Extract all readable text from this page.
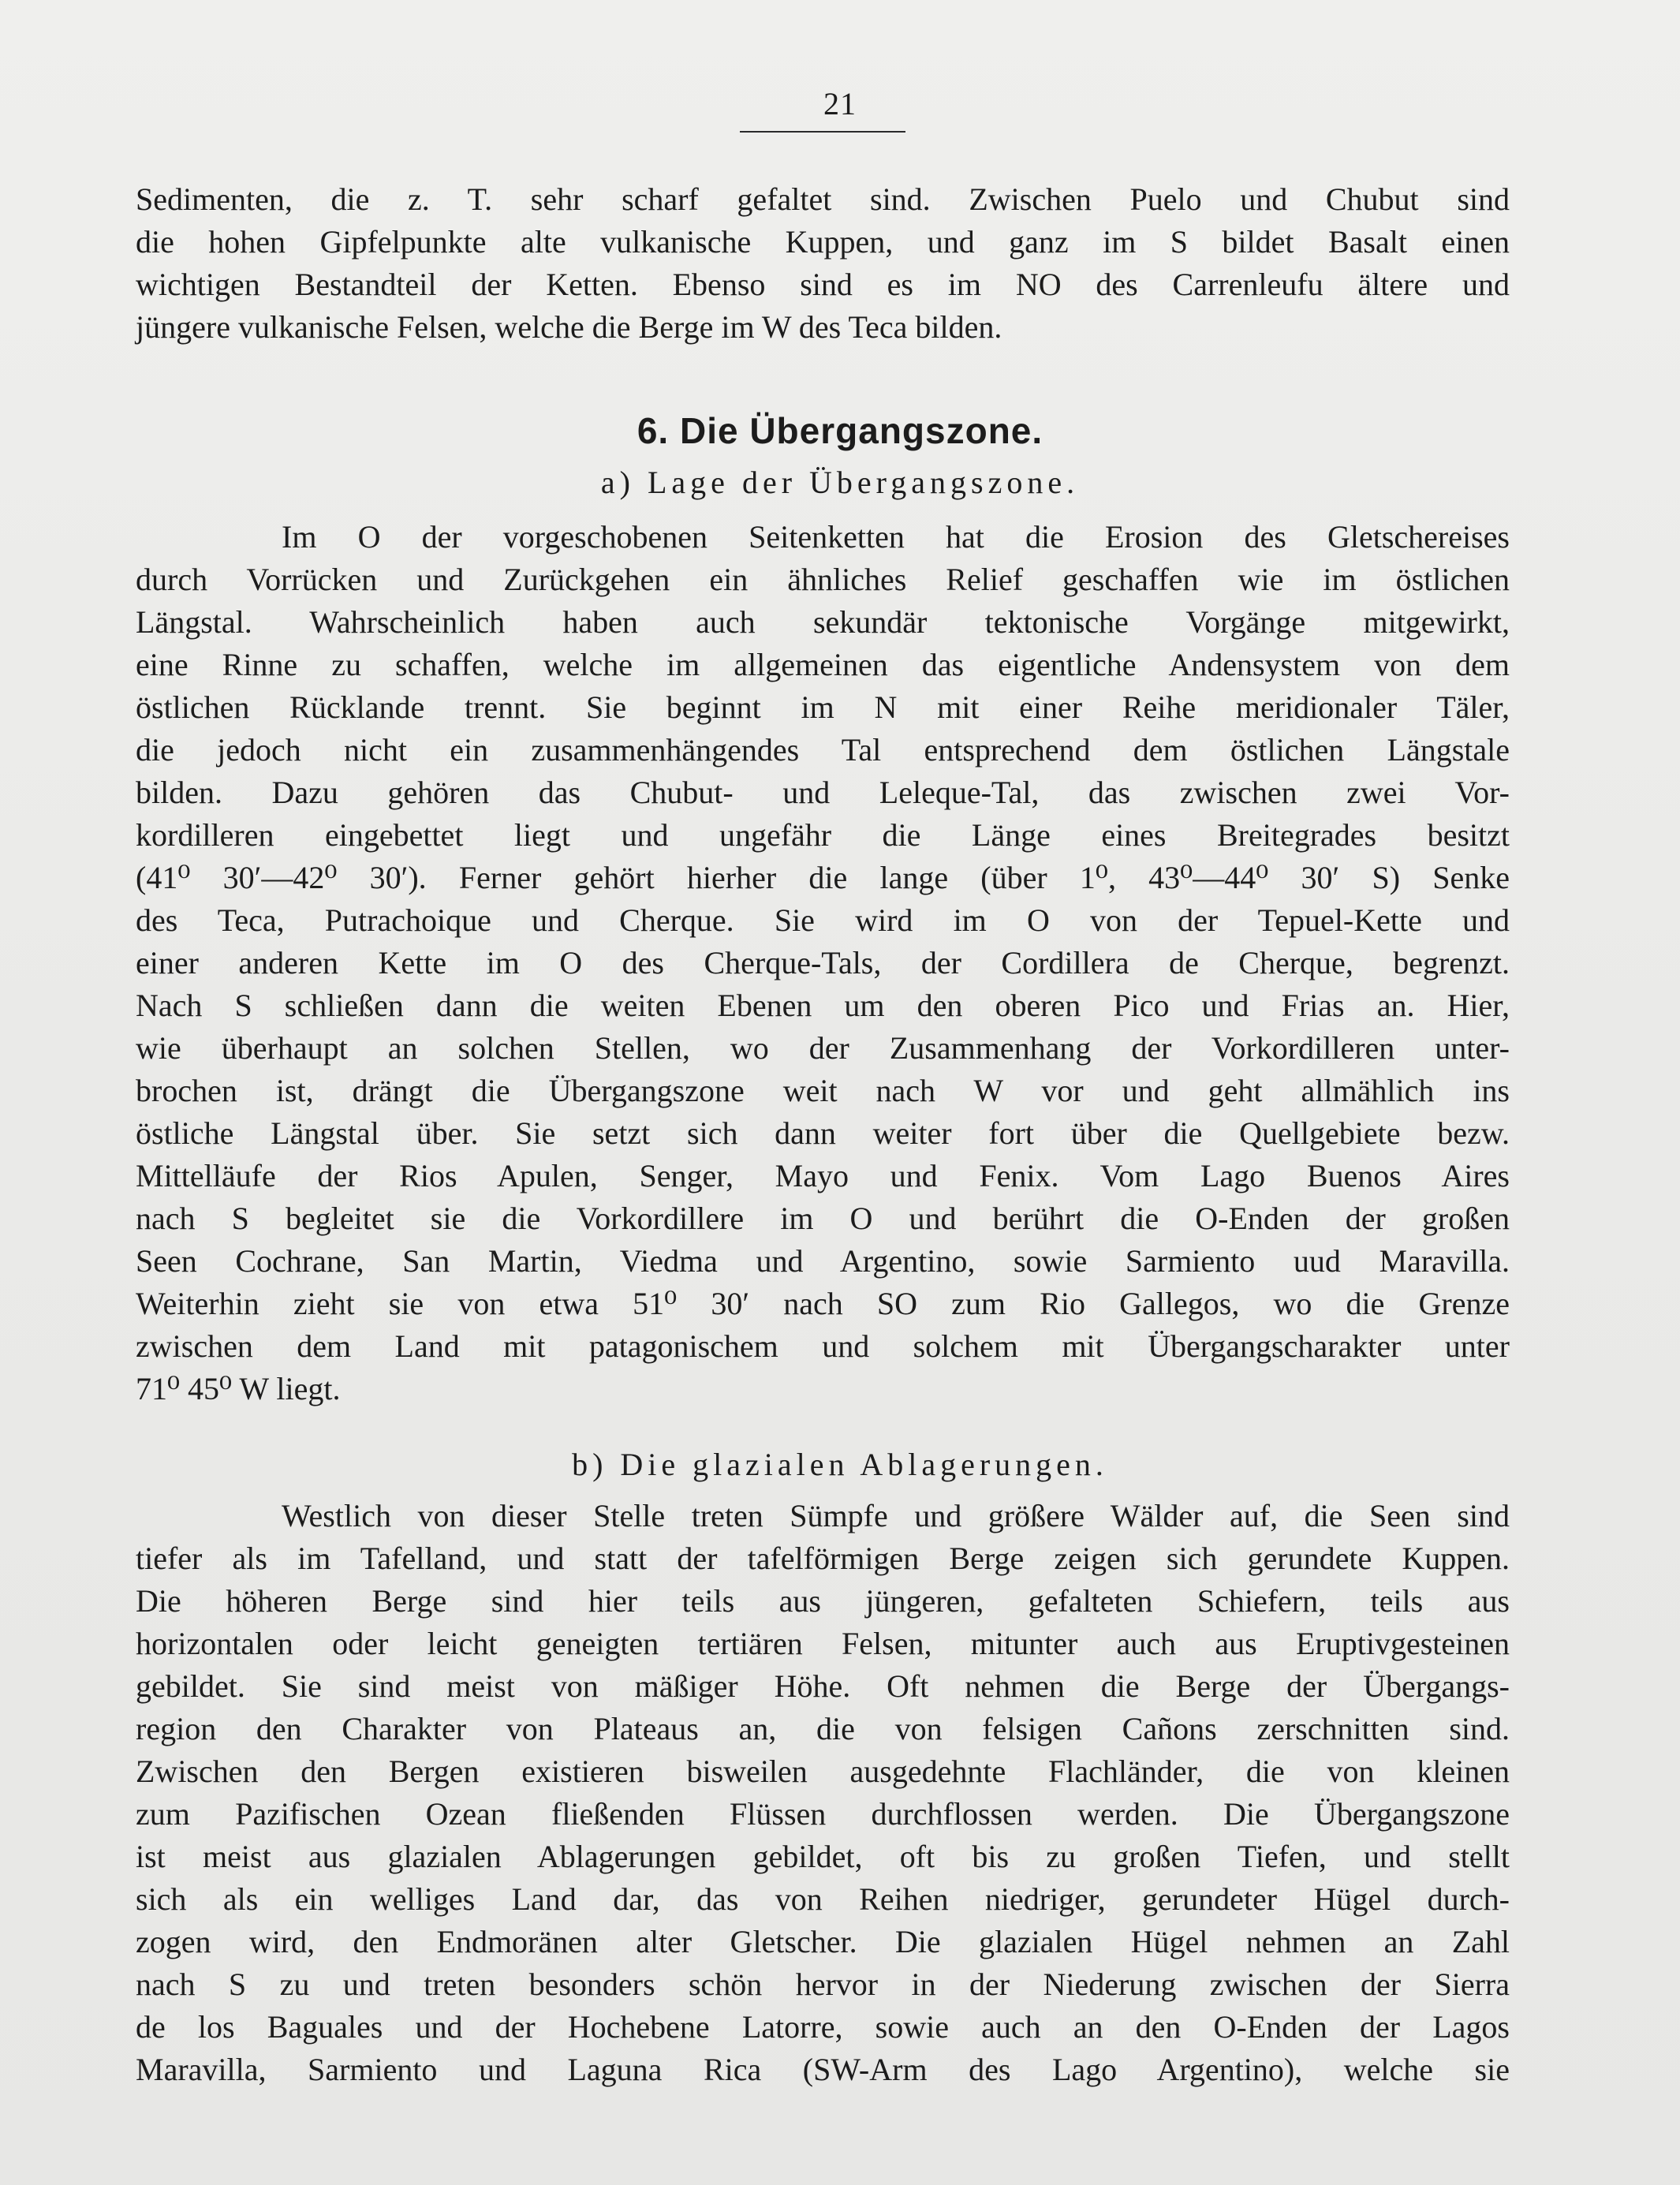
21
Sedimenten, die z. T. sehr scharf gefaltet sind. Zwischen Puelo und Chubut sind
die hohen Gipfelpunkte alte vulkanische Kuppen, und ganz im S bildet Basalt einen
wichtigen Bestandteil der Ketten. Ebenso sind es im NO des Carrenleufu ältere und
jüngere vulkanische Felsen, welche die Berge im W des Teca bilden.
6. Die Übergangszone.
a) Lage der Übergangszone.
Im O der vorgeschobenen Seitenketten hat die Erosion des Gletschereises
durch Vorrücken und Zurückgehen ein ähnliches Relief geschaffen wie im östlichen
Längstal. Wahrscheinlich haben auch sekundär tektonische Vorgänge mitgewirkt,
eine Rinne zu schaffen, welche im allgemeinen das eigentliche Andensystem von dem
östlichen Rücklande trennt. Sie beginnt im N mit einer Reihe meridionaler Täler,
die jedoch nicht ein zusammenhängendes Tal entsprechend dem östlichen Längstale
bilden. Dazu gehören das Chubut- und Leleque-Tal, das zwischen zwei Vor-
kordilleren eingebettet liegt und ungefähr die Länge eines Breitegrades besitzt
(41⁰ 30′—42⁰ 30′). Ferner gehört hierher die lange (über 1⁰, 43⁰—44⁰ 30′ S) Senke
des Teca, Putrachoique und Cherque. Sie wird im O von der Tepuel-Kette und
einer anderen Kette im O des Cherque-Tals, der Cordillera de Cherque, begrenzt.
Nach S schließen dann die weiten Ebenen um den oberen Pico und Frias an. Hier,
wie überhaupt an solchen Stellen, wo der Zusammenhang der Vorkordilleren unter-
brochen ist, drängt die Übergangszone weit nach W vor und geht allmählich ins
östliche Längstal über. Sie setzt sich dann weiter fort über die Quellgebiete bezw.
Mittelläufe der Rios Apulen, Senger, Mayo und Fenix. Vom Lago Buenos Aires
nach S begleitet sie die Vorkordillere im O und berührt die O-Enden der großen
Seen Cochrane, San Martin, Viedma und Argentino, sowie Sarmiento uud Maravilla.
Weiterhin zieht sie von etwa 51⁰ 30′ nach SO zum Rio Gallegos, wo die Grenze
zwischen dem Land mit patagonischem und solchem mit Übergangscharakter unter
71⁰ 45⁰ W liegt.
b) Die glazialen Ablagerungen.
Westlich von dieser Stelle treten Sümpfe und größere Wälder auf, die Seen sind
tiefer als im Tafelland, und statt der tafelförmigen Berge zeigen sich gerundete Kuppen.
Die höheren Berge sind hier teils aus jüngeren, gefalteten Schiefern, teils aus
horizontalen oder leicht geneigten tertiären Felsen, mitunter auch aus Eruptivgesteinen
gebildet. Sie sind meist von mäßiger Höhe. Oft nehmen die Berge der Übergangs-
region den Charakter von Plateaus an, die von felsigen Cañons zerschnitten sind.
Zwischen den Bergen existieren bisweilen ausgedehnte Flachländer, die von kleinen
zum Pazifischen Ozean fließenden Flüssen durchflossen werden. Die Übergangszone
ist meist aus glazialen Ablagerungen gebildet, oft bis zu großen Tiefen, und stellt
sich als ein welliges Land dar, das von Reihen niedriger, gerundeter Hügel durch-
zogen wird, den Endmoränen alter Gletscher. Die glazialen Hügel nehmen an Zahl
nach S zu und treten besonders schön hervor in der Niederung zwischen der Sierra
de los Baguales und der Hochebene Latorre, sowie auch an den O-Enden der Lagos
Maravilla, Sarmiento und Laguna Rica (SW-Arm des Lago Argentino), welche sie
